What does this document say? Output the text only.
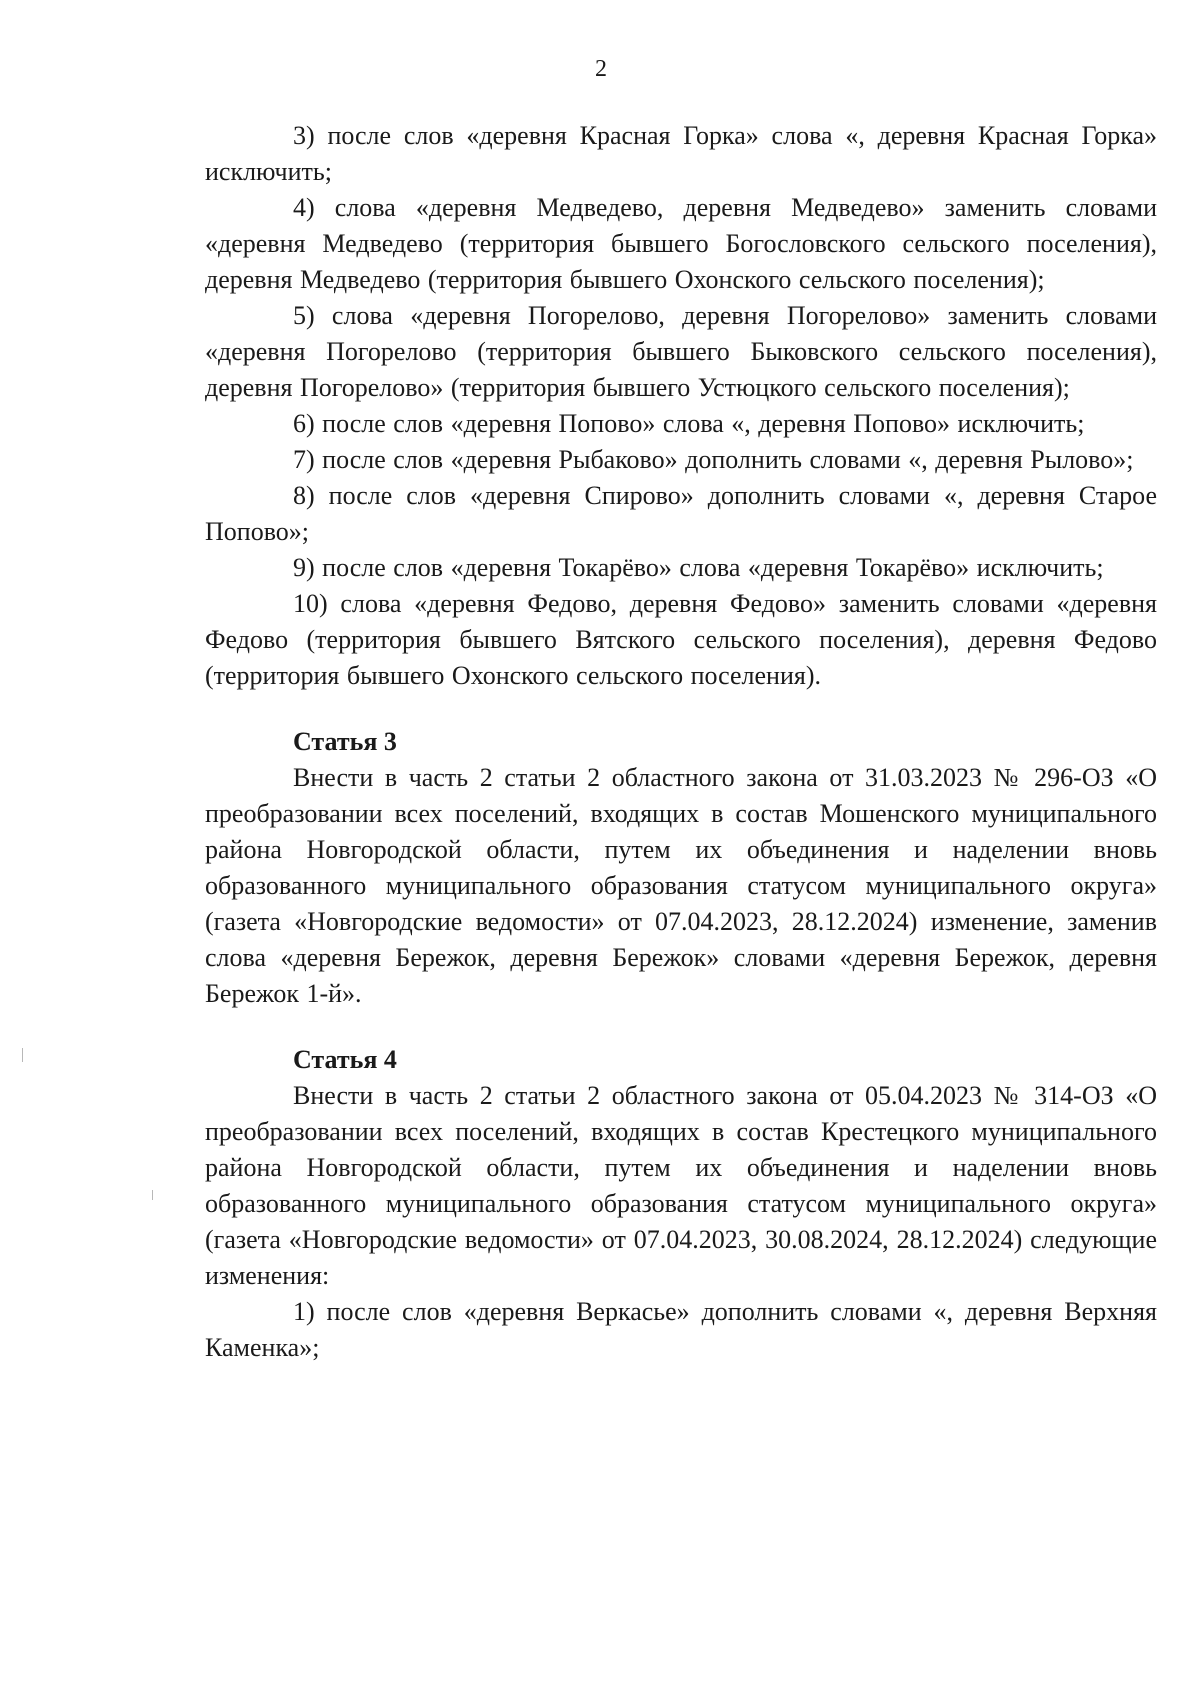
2

3) после слов «деревня Красная Горка» слова «, деревня Красная Горка» исключить;

4) слова «деревня Медведево, деревня Медведево» заменить словами «деревня Медведево (территория бывшего Богословского сельского поселения), деревня Медведево (территория бывшего Охонского сельского поселения);

5) слова «деревня Погорелово, деревня Погорелово» заменить словами «деревня Погорелово (территория бывшего Быковского сельского поселения), деревня Погорелово» (территория бывшего Устюцкого сельского поселения);

6) после слов «деревня Попово» слова «, деревня Попово» исключить;

7) после слов «деревня Рыбаково» дополнить словами «, деревня Рылово»;

8) после слов «деревня Спирово» дополнить словами «, деревня Старое Попово»;

9) после слов «деревня Токарёво» слова «деревня Токарёво» исключить;

10) слова «деревня Федово, деревня Федово» заменить словами «деревня Федово (территория бывшего Вятского сельского поселения), деревня Федово (территория бывшего Охонского сельского поселения).

Статья 3

Внести в часть 2 статьи 2 областного закона от 31.03.2023 № 296-ОЗ «О преобразовании всех поселений, входящих в состав Мошенского муниципального района Новгородской области, путем их объединения и наделении вновь образованного муниципального образования статусом муниципального округа» (газета «Новгородские ведомости» от 07.04.2023, 28.12.2024) изменение, заменив слова «деревня Бережок, деревня Бережок» словами «деревня Бережок, деревня Бережок 1-й».

Статья 4

Внести в часть 2 статьи 2 областного закона от 05.04.2023 № 314-ОЗ «О преобразовании всех поселений, входящих в состав Крестецкого муниципального района Новгородской области, путем их объединения и наделении вновь образованного муниципального образования статусом муниципального округа» (газета «Новгородские ведомости» от 07.04.2023, 30.08.2024, 28.12.2024) следующие изменения:

1) после слов «деревня Веркасье» дополнить словами «, деревня Верхняя Каменка»;
